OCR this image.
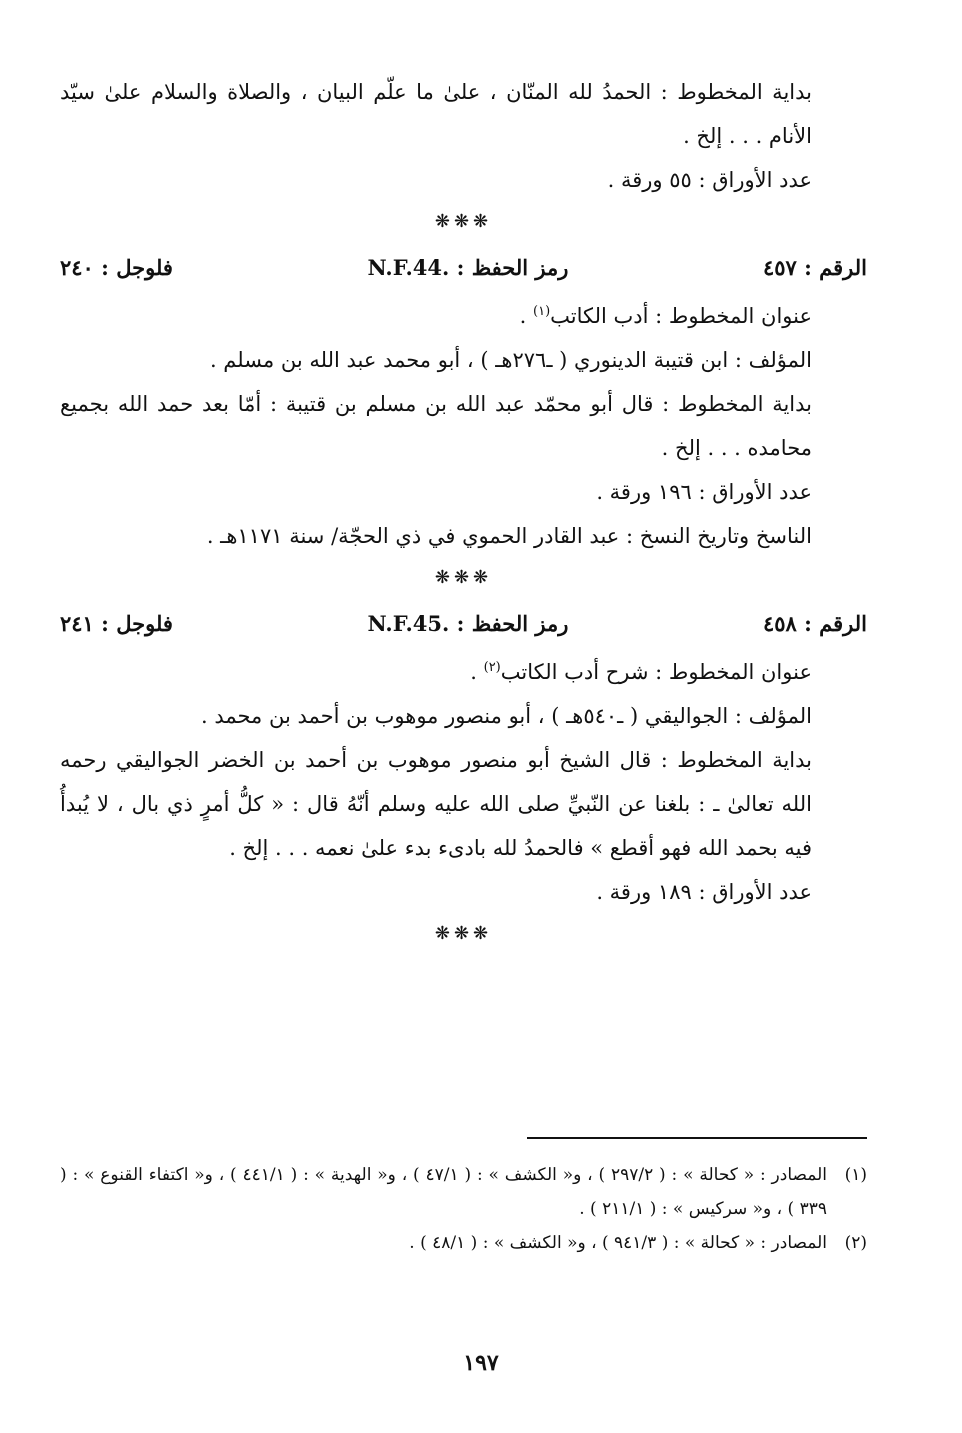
بداية المخطوط : الحمدُ لله المنّان ، علىٰ ما علّم البيان ، والصلاة والسلام علىٰ سيّد الأنام . . . إلخ .
عدد الأوراق : ٥٥ ورقة .
❋❋❋
الرقم : ٤٥٧
رمز الحفظ : N.F.44.
فلوجل : ٢٤٠
عنوان المخطوط : أدب الكاتب$^{(١)}$ .
المؤلف : ابن قتيبة الدينوري ( ـ٢٧٦هـ ) ، أبو محمد عبد الله بن مسلم .
بداية المخطوط : قال أبو محمّد عبد الله بن مسلم بن قتيبة : أمّا بعد حمد الله بجميع محامده . . . إلخ .
عدد الأوراق : ١٩٦ ورقة .
الناسخ وتاريخ النسخ : عبد القادر الحموي في ذي الحجّة/ سنة ١١٧١هـ .
❋❋❋
الرقم : ٤٥٨
رمز الحفظ : N.F.45.
فلوجل : ٢٤١
عنوان المخطوط : شرح أدب الكاتب$^{(٢)}$ .
المؤلف : الجواليقي ( ـ٥٤٠هـ ) ، أبو منصور موهوب بن أحمد بن محمد .
بداية المخطوط : قال الشيخ أبو منصور موهوب بن أحمد بن الخضر الجواليقي رحمه الله تعالىٰ ـ : بلغنا عن النّبيِّ صلى الله عليه وسلم أنّهُ قال : « كلُّ أمرٍ ذي بال ، لا يُبدأُ فيه بحمد الله فهو أقطع » فالحمدُ لله بادىء بدء علىٰ نعمه . . . إلخ .
عدد الأوراق : ١٨٩ ورقة .
❋❋❋
(١)
المصادر : « كحالة » : ( ٢٩٧/٢ ) ، و« الكشف » : ( ٤٧/١ ) ، و« الهدية » : ( ٤٤١/١ ) ، و« اكتفاء القنوع » : ( ٣٣٩ ) ، و« سركيس » : ( ٢١١/١ ) .
(٢)
المصادر : « كحالة » : ( ٩٤١/٣ ) ، و« الكشف » : ( ٤٨/١ ) .
١٩٧
